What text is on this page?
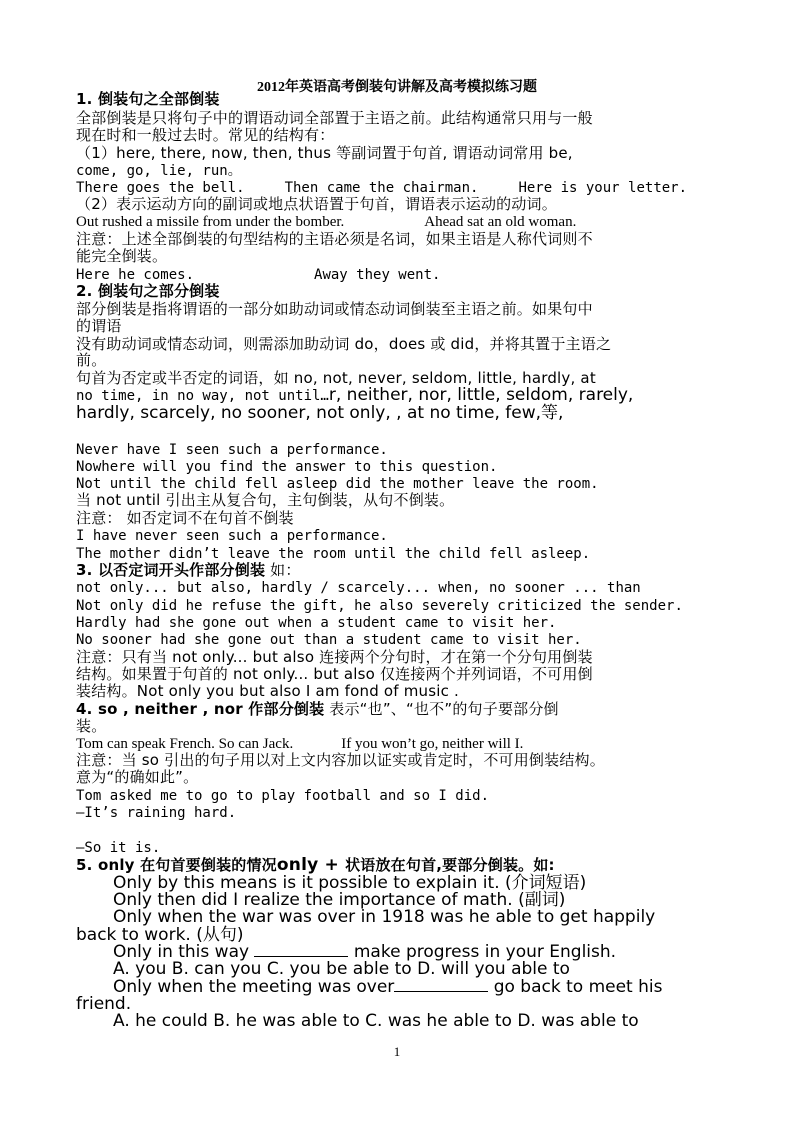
2012年英语高考倒装句讲解及高考模拟练习题
1. 倒装句之全部倒装
全部倒装是只将句子中的谓语动词全部置于主语之前。此结构通常只用与一般
现在时和一般过去时。常见的结构有：
（1）here, there, now, then, thus 等副词置于句首, 谓语动词常用 be,
come, go, lie, run。
There goes the bell.	Then came the chairman.	Here is your letter.
（2）表示运动方向的副词或地点状语置于句首，谓语表示运动的动词。
Out rushed a missile from under the bomber.	Ahead sat an old woman.
注意：上述全部倒装的句型结构的主语必须是名词，如果主语是人称代词则不
能完全倒装。
Here he comes.	Away they went.
2. 倒装句之部分倒装
部分倒装是指将谓语的一部分如助动词或情态动词倒装至主语之前。如果句中
的谓语
没有助动词或情态动词，则需添加助动词 do，does 或 did，并将其置于主语之
前。
句首为否定或半否定的词语，如 no, not, never, seldom, little, hardly, at
no time, in no way, not until…r, neither, nor, little, seldom, rarely,
hardly, scarcely, no sooner, not only, , at no time, few,等,
Never have I seen such a performance.
Nowhere will you find the answer to this question.
Not until the child fell asleep did the mother leave the room.
当 not until 引出主从复合句，主句倒装，从句不倒装。
注意： 如否定词不在句首不倒装
I have never seen such a performance.
The mother didn’t leave the room until the child fell asleep.
3. 以否定词开头作部分倒装 如：
not only... but also, hardly / scarcely... when, no sooner ... than
Not only did he refuse the gift, he also severely criticized the sender.
Hardly had she gone out when a student came to visit her.
No sooner had she gone out than a student came to visit her.
注意：只有当 not only... but also 连接两个分句时，才在第一个分句用倒装
结构。如果置于句首的 not only... but also 仅连接两个并列词语，不可用倒
装结构。Not only you but also I am fond of music .
4. so , neither , nor 作部分倒装 表示“也”、“也不”的句子要部分倒
装。
Tom can speak French. So can Jack.	If you won’t go, neither will I.
注意：当 so 引出的句子用以对上文内容加以证实或肯定时，不可用倒装结构。
意为“的确如此”。
Tom asked me to go to play football and so I did.
—It’s raining hard.
—So it is.
5. only 在句首要倒装的情况only + 状语放在句首,要部分倒装。如:
Only by this means is it possible to explain it. (介词短语)
Only then did I realize the importance of math. (副词)
Only when the war was over in 1918 was he able to get happily
back to work. (从句)
Only in this way	make progress in your English.
A. you B. can you C. you be able to D. will you able to
Only when the meeting was over	go back to meet his
friend.
A. he could B. he was able to C. was he able to D. was able to
1
